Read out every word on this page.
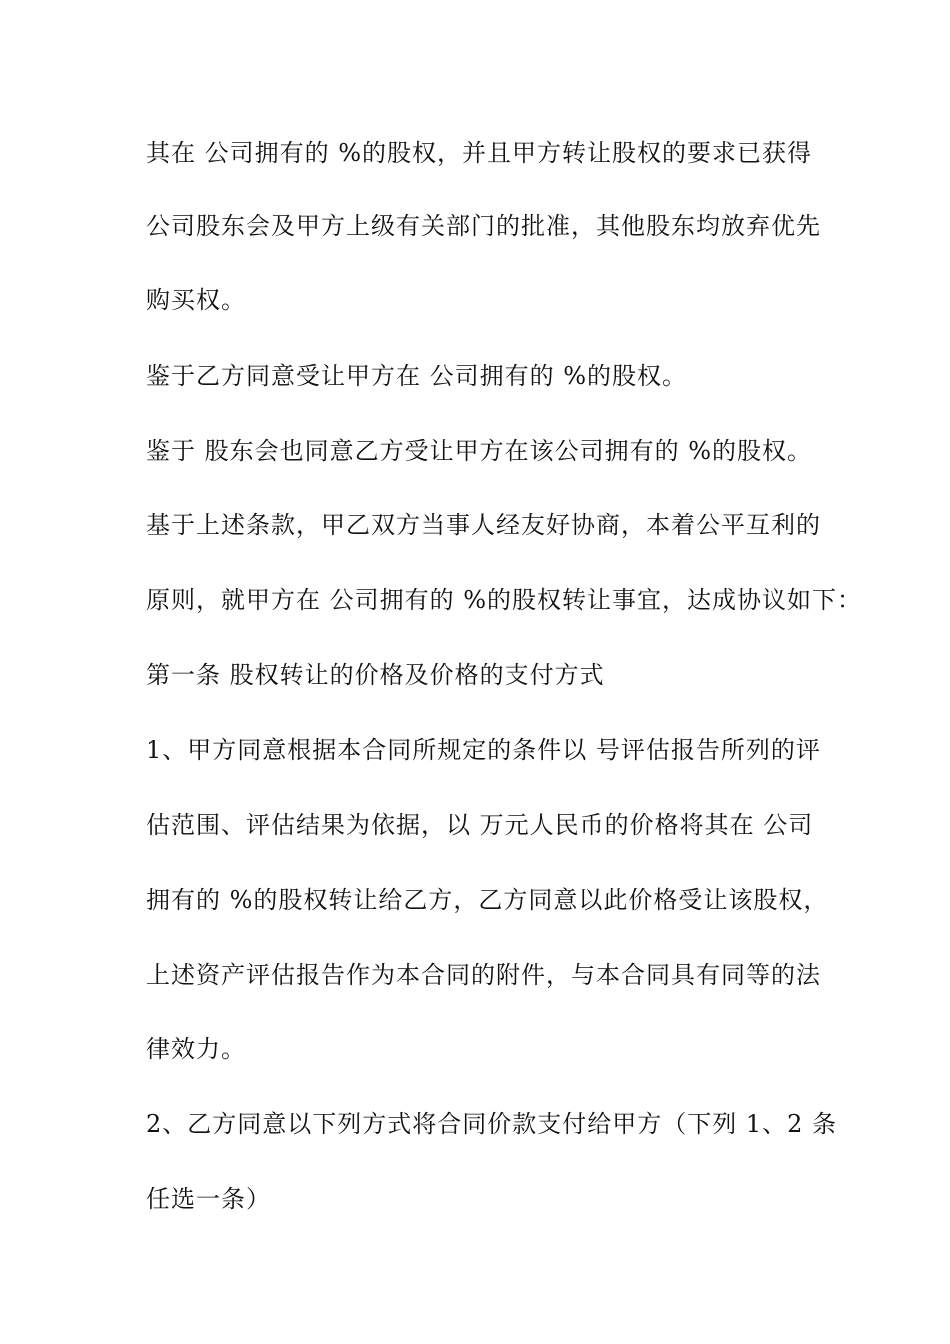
其在 公司拥有的 %的股权，并且甲方转让股权的要求已获得
公司股东会及甲方上级有关部门的批准，其他股东均放弃优先
购买权。
鉴于乙方同意受让甲方在 公司拥有的 %的股权。
鉴于 股东会也同意乙方受让甲方在该公司拥有的 %的股权。
基于上述条款，甲乙双方当事人经友好协商，本着公平互利的
原则，就甲方在 公司拥有的 %的股权转让事宜，达成协议如下：
第一条 股权转让的价格及价格的支付方式
1、甲方同意根据本合同所规定的条件以 号评估报告所列的评
估范围、评估结果为依据，以 万元人民币的价格将其在 公司
拥有的 %的股权转让给乙方，乙方同意以此价格受让该股权，
上述资产评估报告作为本合同的附件，与本合同具有同等的法
律效力。
2、乙方同意以下列方式将合同价款支付给甲方（下列 1、2 条
任选一条）
